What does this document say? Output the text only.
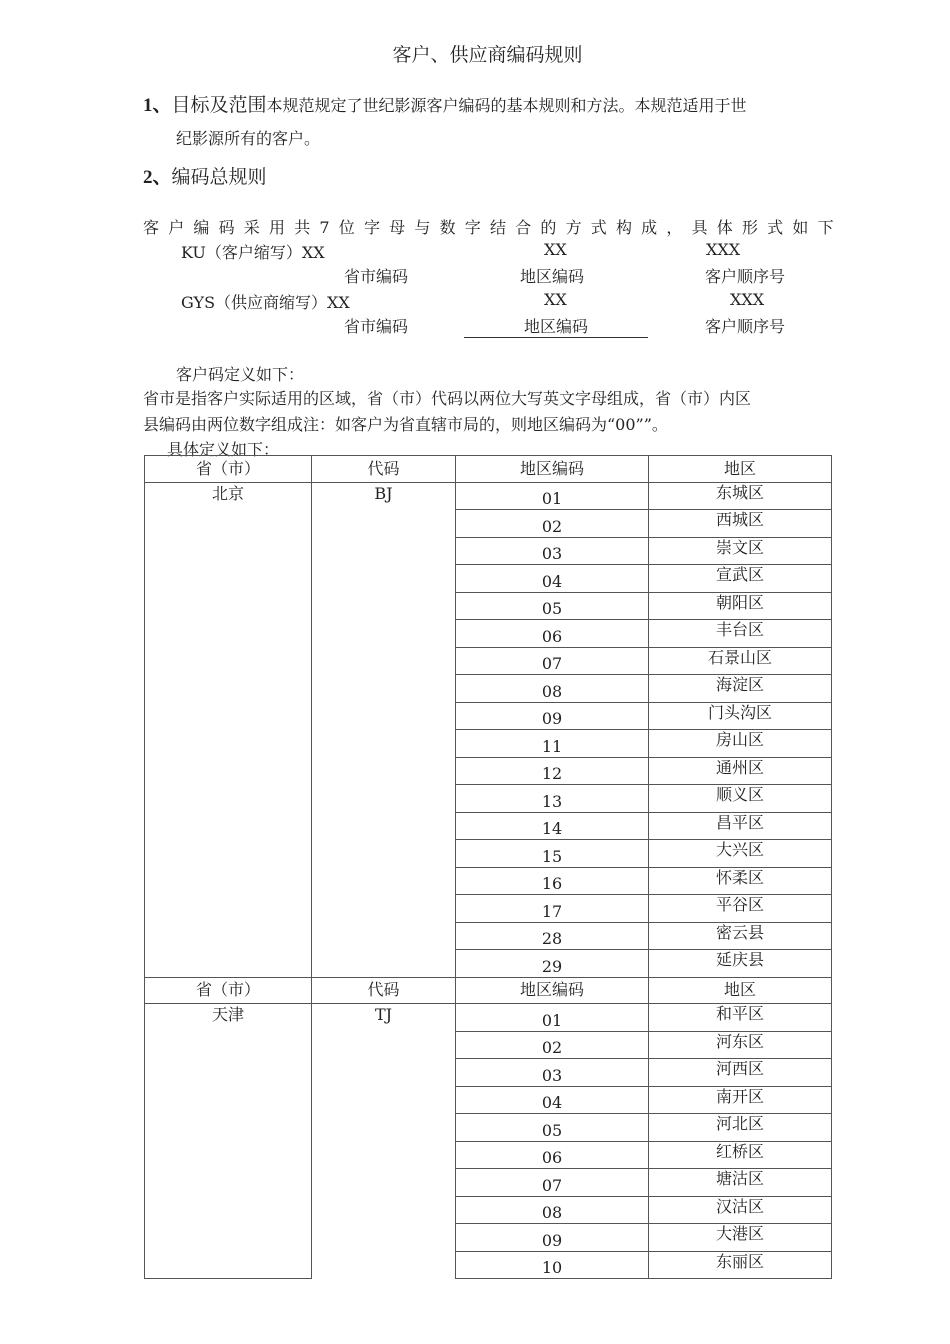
客户、供应商编码规则
1、目标及范围本规范规定了世纪影源客户编码的基本规则和方法。本规范适用于世
纪影源所有的客户。
2、编码总规则
客户编码采用共7位字母与数字结合的方式构成，具体形式如下
KU（客户缩写）XX	XX	XXX
省市编码	地区编码	客户顺序号
GYS（供应商缩写）XX	XX	XXX
省市编码	地区编码	客户顺序号
客户码定义如下：
省市是指客户实际适用的区域，省（市）代码以两位大写英文字母组成，省（市）内区
县编码由两位数字组成注：如客户为省直辖市局的，则地区编码为“00””。
具体定义如下：
省（市）	代码	地区编码	地区
北京	BJ	01	东城区
		02	西城区
		03	崇文区
		04	宣武区
		05	朝阳区
		06	丰台区
		07	石景山区
		08	海淀区
		09	门头沟区
		11	房山区
		12	通州区
		13	顺义区
		14	昌平区
		15	大兴区
		16	怀柔区
		17	平谷区
		28	密云县
		29	延庆县
省（市）	代码	地区编码	地区
天津	TJ	01	和平区
		02	河东区
		03	河西区
		04	南开区
		05	河北区
		06	红桥区
		07	塘沽区
		08	汉沽区
		09	大港区
		10	东丽区
